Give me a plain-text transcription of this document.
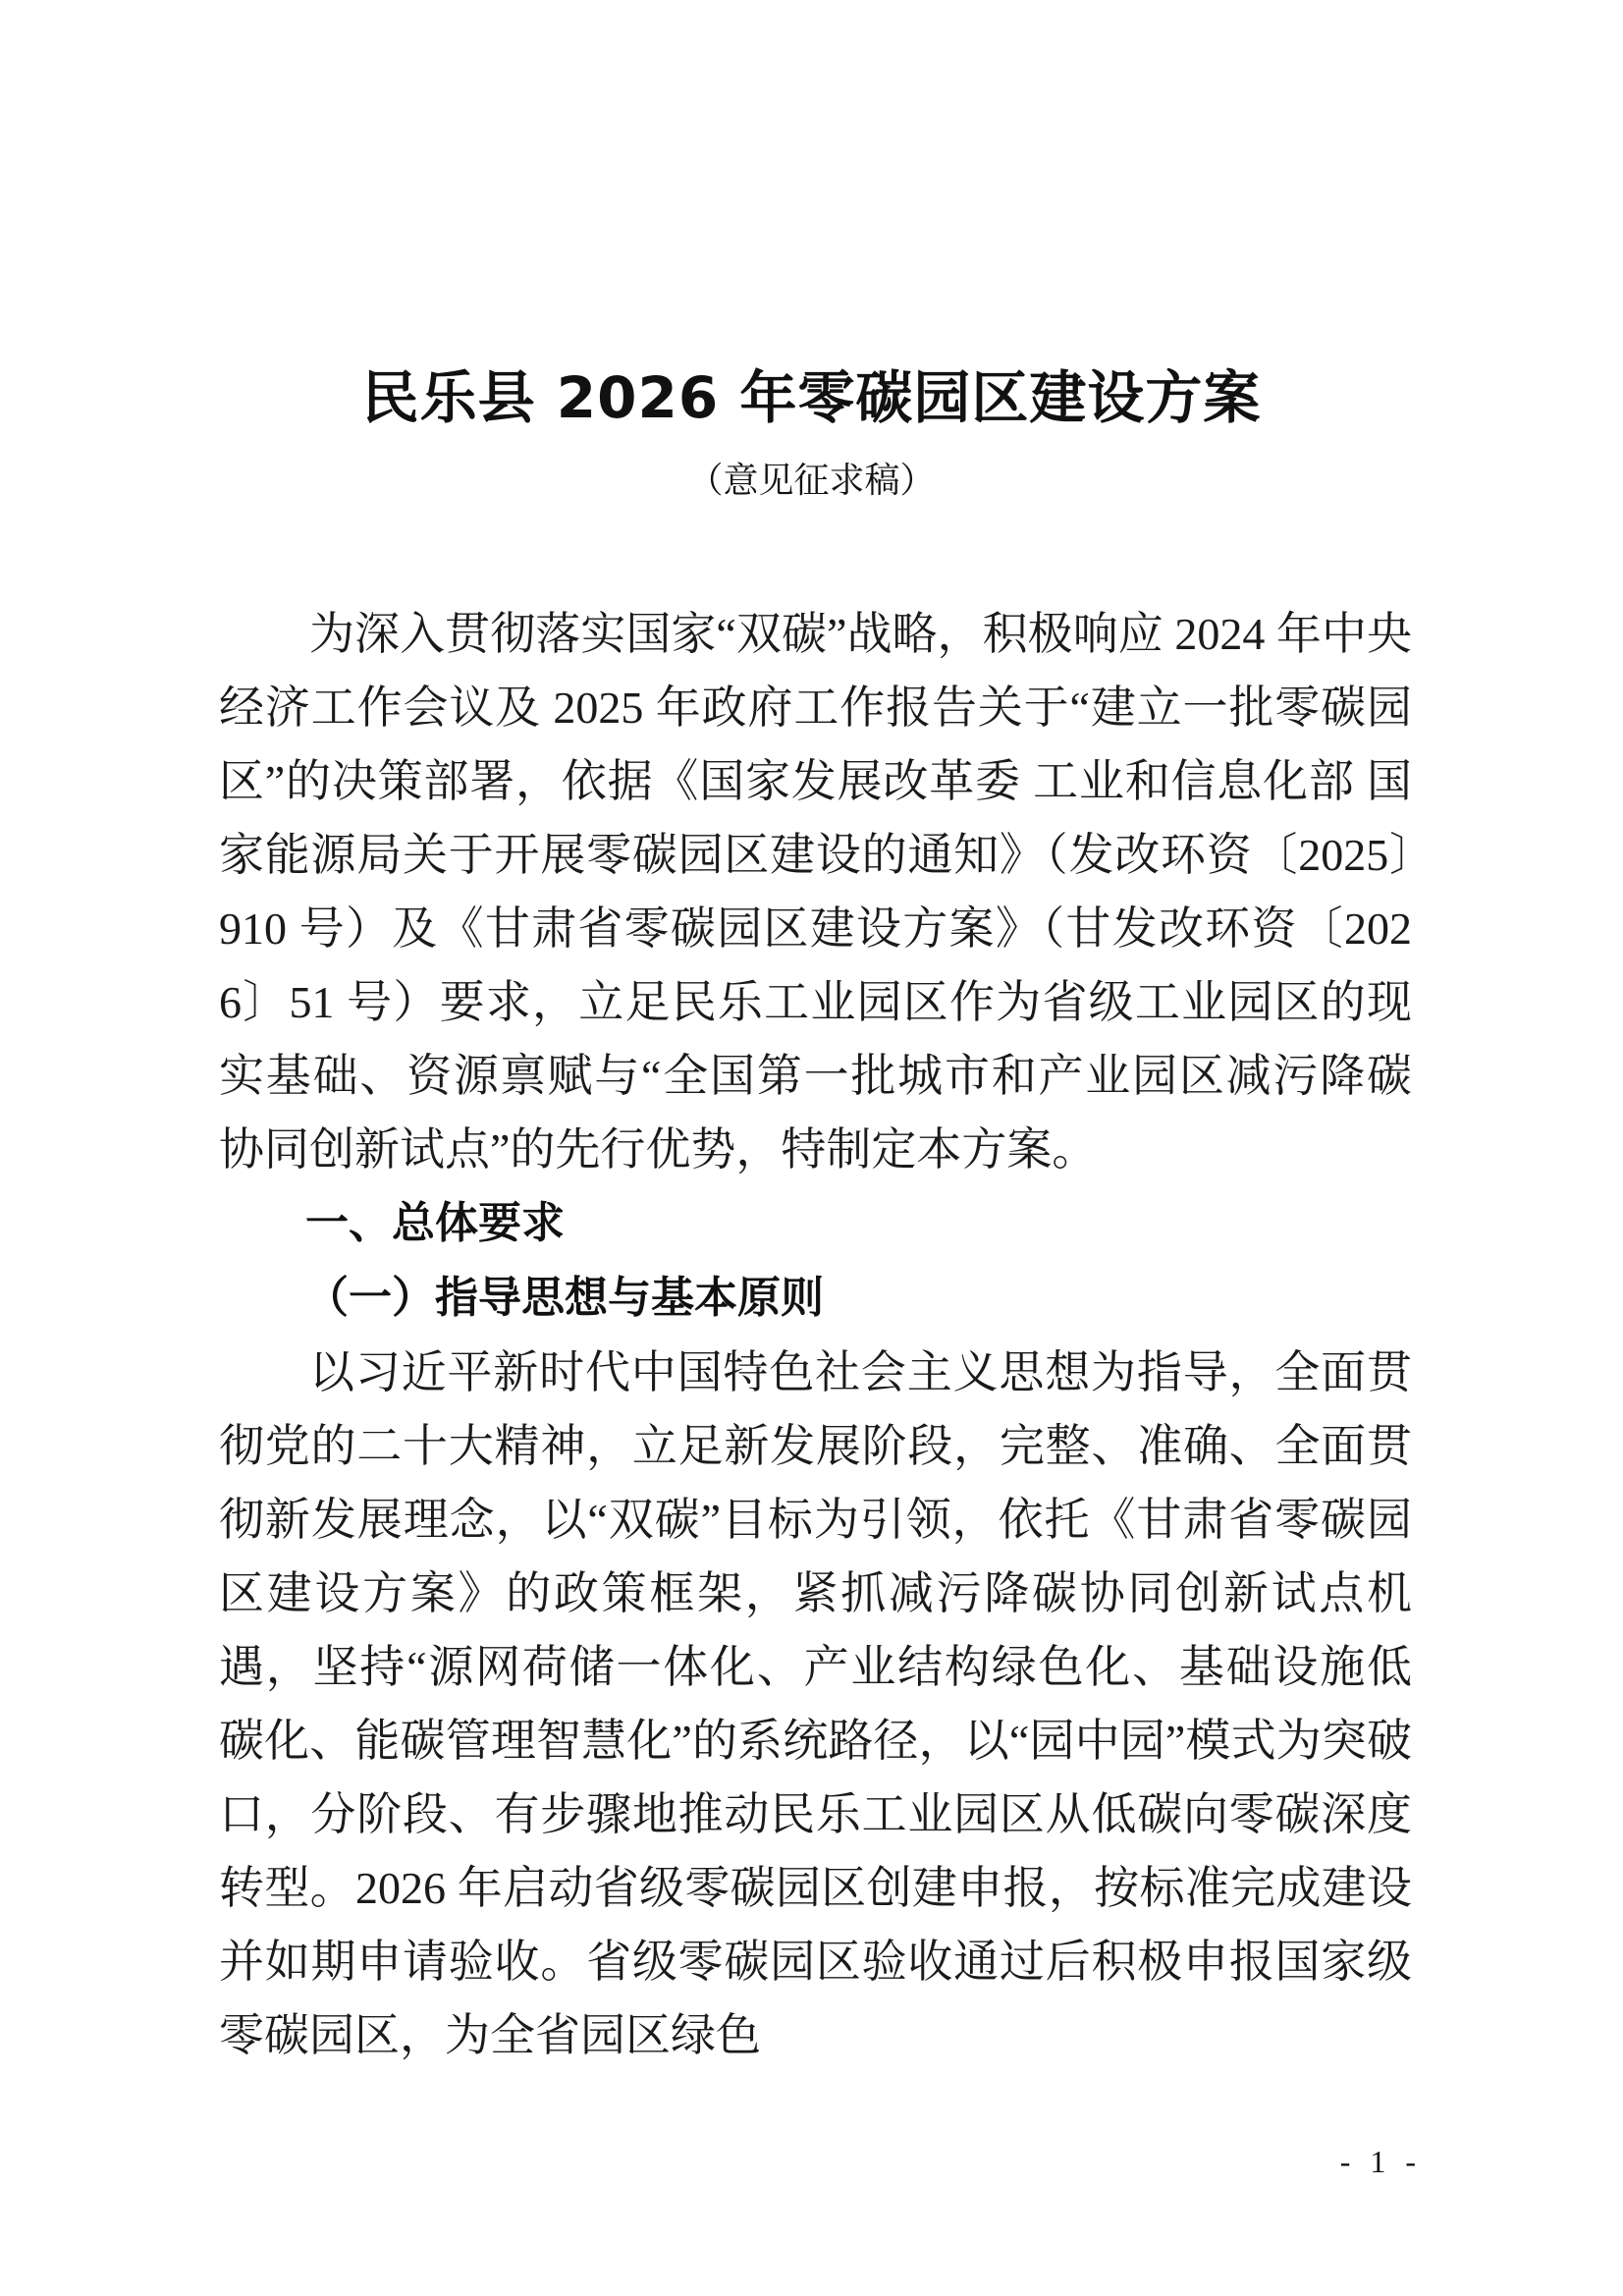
民乐县 2026 年零碳园区建设方案
（意见征求稿）

为深入贯彻落实国家“双碳”战略，积极响应 2024 年中央经济工作会议及 2025 年政府工作报告关于“建立一批零碳园区”的决策部署，依据《国家发展改革委 工业和信息化部 国家能源局关于开展零碳园区建设的通知》（发改环资〔2025〕910 号）及《甘肃省零碳园区建设方案》（甘发改环资〔2026〕51 号）要求，立足民乐工业园区作为省级工业园区的现实基础、资源禀赋与“全国第一批城市和产业园区减污降碳协同创新试点”的先行优势，特制定本方案。

一、总体要求
（一）指导思想与基本原则

以习近平新时代中国特色社会主义思想为指导，全面贯彻党的二十大精神，立足新发展阶段，完整、准确、全面贯彻新发展理念，以“双碳”目标为引领，依托《甘肃省零碳园区建设方案》的政策框架，紧抓减污降碳协同创新试点机遇，坚持“源网荷储一体化、产业结构绿色化、基础设施低碳化、能碳管理智慧化”的系统路径，以“园中园”模式为突破口，分阶段、有步骤地推动民乐工业园区从低碳向零碳深度转型。2026 年启动省级零碳园区创建申报，按标准完成建设并如期申请验收。省级零碳园区验收通过后积极申报国家级零碳园区，为全省园区绿色

- 1 -
